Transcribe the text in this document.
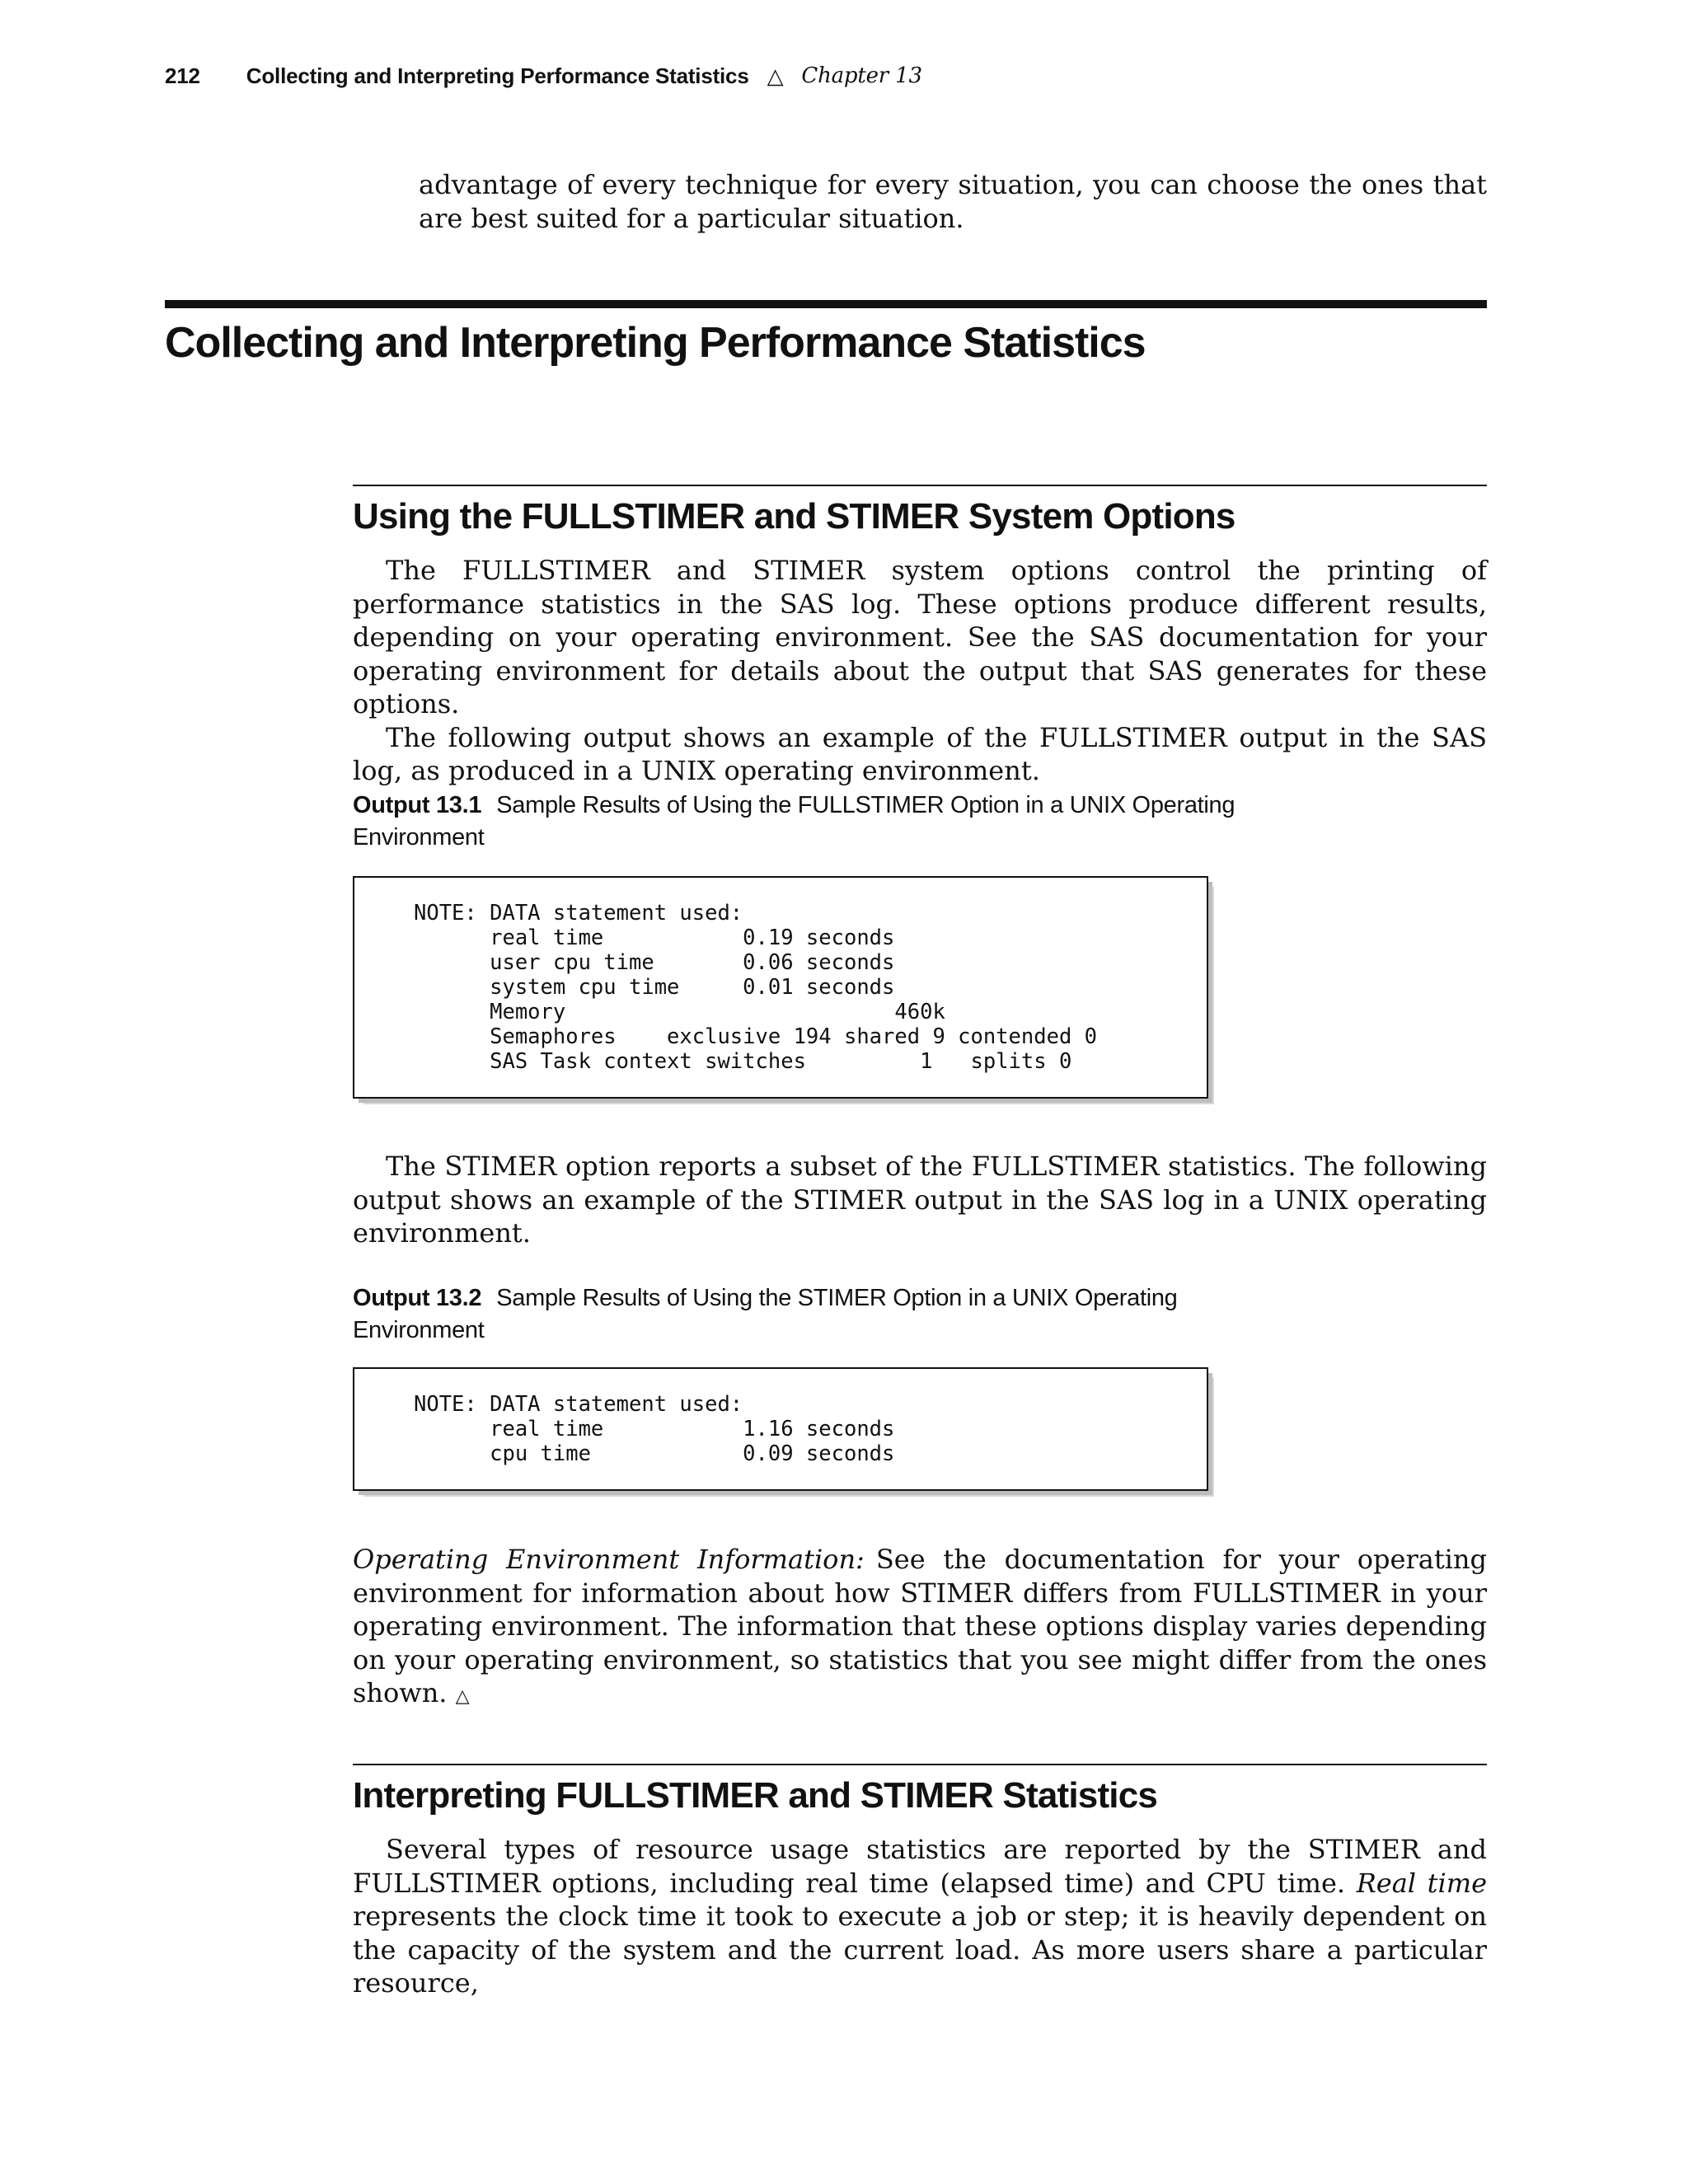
212 Collecting and Interpreting Performance Statistics △ Chapter 13

advantage of every technique for every situation, you can choose the ones that are best suited for a particular situation.

Collecting and Interpreting Performance Statistics
Using the FULLSTIMER and STIMER System Options

The FULLSTIMER and STIMER system options control the printing of performance statistics in the SAS log. These options produce different results, depending on your operating environment. See the SAS documentation for your operating environment for details about the output that SAS generates for these options.

The following output shows an example of the FULLSTIMER output in the SAS log, as produced in a UNIX operating environment.

Output 13.1 Sample Results of Using the FULLSTIMER Option in a UNIX Operating Environment

NOTE: DATA statement used:
real time           0.19 seconds
user cpu time       0.06 seconds
system cpu time     0.01 seconds
Memory                          460k
Semaphores    exclusive 194 shared 9 contended 0
SAS Task context switches         1   splits 0

The STIMER option reports a subset of the FULLSTIMER statistics. The following output shows an example of the STIMER output in the SAS log in a UNIX operating environment.

Output 13.2 Sample Results of Using the STIMER Option in a UNIX Operating Environment

NOTE: DATA statement used:
real time           1.16 seconds
cpu time            0.09 seconds

Operating Environment Information: See the documentation for your operating environment for information about how STIMER differs from FULLSTIMER in your operating environment. The information that these options display varies depending on your operating environment, so statistics that you see might differ from the ones shown. △

Interpreting FULLSTIMER and STIMER Statistics

Several types of resource usage statistics are reported by the STIMER and FULLSTIMER options, including real time (elapsed time) and CPU time. Real time represents the clock time it took to execute a job or step; it is heavily dependent on the capacity of the system and the current load. As more users share a particular resource,
